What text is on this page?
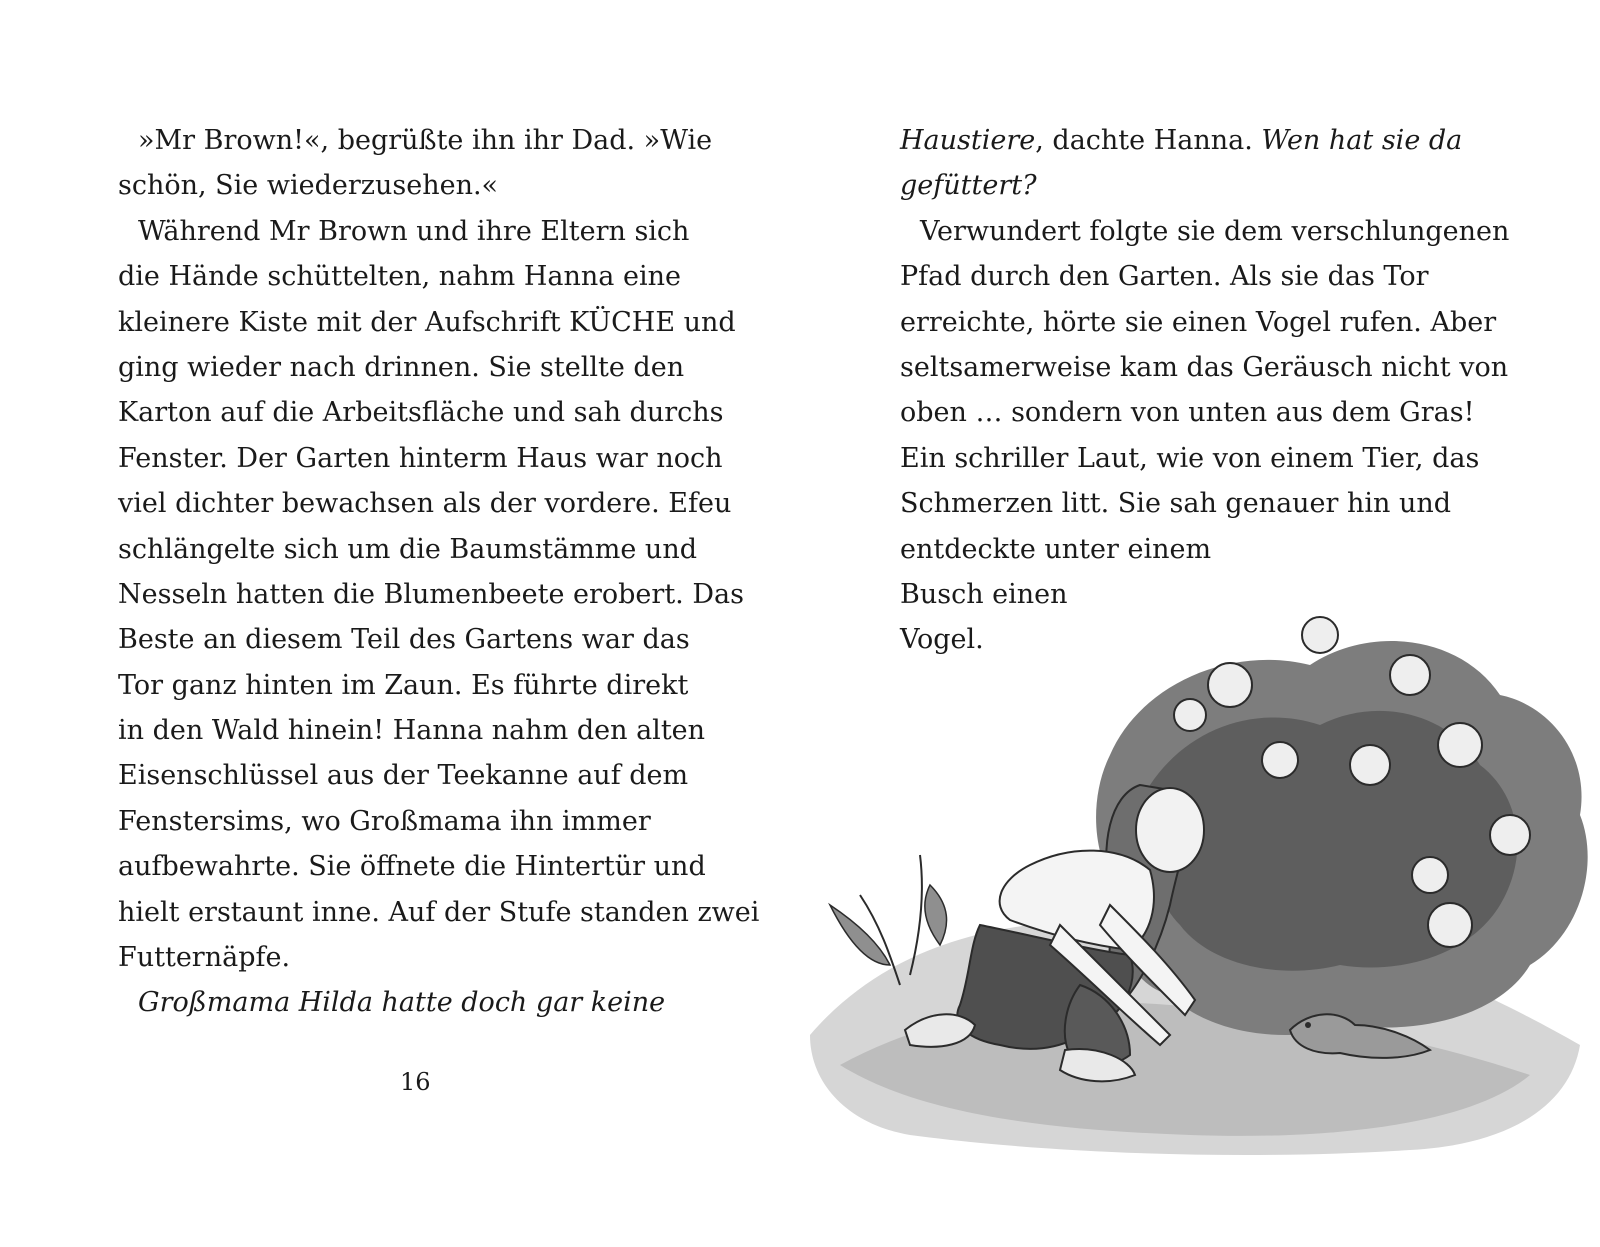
»Mr Brown!«, begrüßte ihn ihr Dad. »Wie
schön, Sie wiederzusehen.«
Während Mr Brown und ihre Eltern sich
die Hände schüttelten, nahm Hanna eine
kleinere Kiste mit der Aufschrift KÜCHE und
ging wieder nach drinnen. Sie stellte den
Karton auf die Arbeitsfläche und sah durchs
Fenster. Der Garten hinterm Haus war noch
viel dichter bewachsen als der vordere. Efeu
schlängelte sich um die Baumstämme und
Nesseln hatten die Blumenbeete erobert. Das
Beste an diesem Teil des Gartens war das
Tor ganz hinten im Zaun. Es führte direkt
in den Wald hinein! Hanna nahm den alten
Eisenschlüssel aus der Teekanne auf dem
Fenstersims, wo Großmama ihn immer
aufbewahrte. Sie öffnete die Hintertür und
hielt erstaunt inne. Auf der Stufe standen zwei
Futternäpfe.
Großmama Hilda hatte doch gar keine
16
Haustiere, dachte Hanna. Wen hat sie da
gefüttert?
Verwundert folgte sie dem verschlungenen
Pfad durch den Garten. Als sie das Tor
erreichte, hörte sie einen Vogel rufen. Aber
seltsamerweise kam das Geräusch nicht von
oben … sondern von unten aus dem Gras!
Ein schriller Laut, wie von einem Tier, das
Schmerzen litt. Sie sah genauer hin und
entdeckte unter einem
Busch einen
Vogel.
